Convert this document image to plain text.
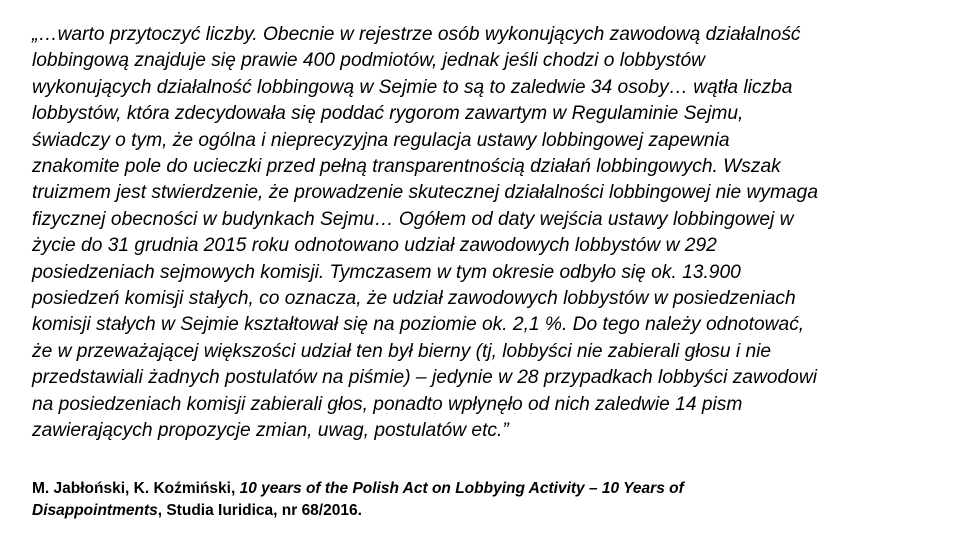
„…warto przytoczyć liczby. Obecnie w rejestrze osób wykonujących zawodową działalność
lobbingową znajduje się prawie 400 podmiotów, jednak jeśli chodzi o lobbystów
wykonujących działalność lobbingową w Sejmie to są to zaledwie 34 osoby… wątła liczba
lobbystów, która zdecydowała się poddać rygorom zawartym w Regulaminie Sejmu,
świadczy o tym, że ogólna i nieprecyzyjna regulacja ustawy lobbingowej zapewnia
znakomite pole do ucieczki przed pełną transparentnością działań lobbingowych. Wszak
truizmem jest stwierdzenie, że prowadzenie skutecznej działalności lobbingowej nie wymaga
fizycznej obecności w budynkach Sejmu… Ogółem od daty wejścia ustawy lobbingowej w
życie do 31 grudnia 2015 roku odnotowano udział zawodowych lobbystów w 292
posiedzeniach sejmowych komisji. Tymczasem w tym okresie odbyło się ok. 13.900
posiedzeń komisji stałych, co oznacza, że udział zawodowych lobbystów w posiedzeniach
komisji stałych w Sejmie kształtował się na poziomie ok. 2,1 %. Do tego należy odnotować,
że w przeważającej większości udział ten był bierny (tj, lobbyści nie zabierali głosu i nie
przedstawiali żadnych postulatów na piśmie) – jedynie w 28 przypadkach lobbyści zawodowi
na posiedzeniach komisji zabierali głos, ponadto wpłynęło od nich zaledwie 14 pism
zawierających propozycje zmian, uwag, postulatów etc.”

M. Jabłoński, K. Koźmiński, 10 years of the Polish Act on Lobbying Activity – 10 Years of
Disappointments, Studia Iuridica, nr 68/2016.
